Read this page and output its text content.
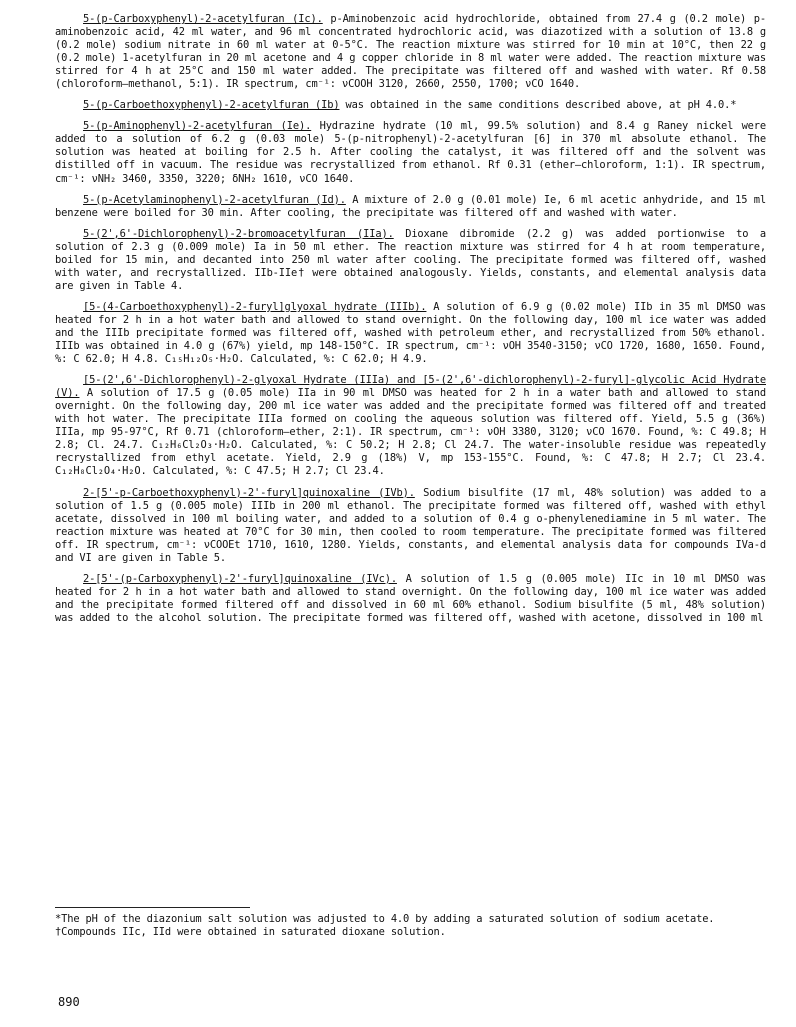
5-(p-Carboxyphenyl)-2-acetylfuran (Ic). p-Aminobenzoic acid hydrochloride, obtained from 27.4 g (0.2 mole) p-aminobenzoic acid, 42 ml water, and 96 ml concentrated hydrochloric acid, was diazotized with a solution of 13.8 g (0.2 mole) sodium nitrate in 60 ml water at 0-5°C. The reaction mixture was stirred for 10 min at 10°C, then 22 g (0.2 mole) 1-acetylfuran in 20 ml acetone and 4 g copper chloride in 8 ml water were added. The reaction mixture was stirred for 4 h at 25°C and 150 ml water added. The precipitate was filtered off and washed with water. Rf 0.58 (chloroform—methanol, 5:1). IR spectrum, cm⁻¹: νCOOH 3120, 2660, 2550, 1700; νCO 1640.

5-(p-Carboethoxyphenyl)-2-acetylfuran (Ib) was obtained in the same conditions described above, at pH 4.0.*

5-(p-Aminophenyl)-2-acetylfuran (Ie). Hydrazine hydrate (10 ml, 99.5% solution) and 8.4 g Raney nickel were added to a solution of 6.2 g (0.03 mole) 5-(p-nitrophenyl)-2-acetylfuran [6] in 370 ml absolute ethanol. The solution was heated at boiling for 2.5 h. After cooling the catalyst, it was filtered off and the solvent was distilled off in vacuum. The residue was recrystallized from ethanol. Rf 0.31 (ether—chloroform, 1:1). IR spectrum, cm⁻¹: νNH₂ 3460, 3350, 3220; δNH₂ 1610, νCO 1640.

5-(p-Acetylaminophenyl)-2-acetylfuran (Id). A mixture of 2.0 g (0.01 mole) Ie, 6 ml acetic anhydride, and 15 ml benzene were boiled for 30 min. After cooling, the precipitate was filtered off and washed with water.

5-(2',6'-Dichlorophenyl)-2-bromoacetylfuran (IIa). Dioxane dibromide (2.2 g) was added portionwise to a solution of 2.3 g (0.009 mole) Ia in 50 ml ether. The reaction mixture was stirred for 4 h at room temperature, boiled for 15 min, and decanted into 250 ml water after cooling. The precipitate formed was filtered off, washed with water, and recrystallized. IIb-IIe† were obtained analogously. Yields, constants, and elemental analysis data are given in Table 4.

[5-(4-Carboethoxyphenyl)-2-furyl]glyoxal hydrate (IIIb). A solution of 6.9 g (0.02 mole) IIb in 35 ml DMSO was heated for 2 h in a hot water bath and allowed to stand overnight. On the following day, 100 ml ice water was added and the IIIb precipitate formed was filtered off, washed with petroleum ether, and recrystallized from 50% ethanol. IIIb was obtained in 4.0 g (67%) yield, mp 148-150°C. IR spectrum, cm⁻¹: νOH 3540-3150; νCO 1720, 1680, 1650. Found, %: C 62.0; H 4.8. C₁₅H₁₂O₅·H₂O. Calculated, %: C 62.0; H 4.9.

[5-(2',6'-Dichlorophenyl)-2-glyoxal Hydrate (IIIa) and [5-(2',6'-dichlorophenyl)-2-furyl]-glycolic Acid Hydrate (V). A solution of 17.5 g (0.05 mole) IIa in 90 ml DMSO was heated for 2 h in a water bath and allowed to stand overnight. On the following day, 200 ml ice water was added and the precipitate formed was filtered off and treated with hot water. The precipitate IIIa formed on cooling the aqueous solution was filtered off. Yield, 5.5 g (36%) IIIa, mp 95-97°C, Rf 0.71 (chloroform—ether, 2:1). IR spectrum, cm⁻¹: νOH 3380, 3120; νCO 1670. Found, %: C 49.8; H 2.8; Cl. 24.7. C₁₂H₆Cl₂O₃·H₂O. Calculated, %: C 50.2; H 2.8; Cl 24.7. The water-insoluble residue was repeatedly recrystallized from ethyl acetate. Yield, 2.9 g (18%) V, mp 153-155°C. Found, %: C 47.8; H 2.7; Cl 23.4. C₁₂H₈Cl₂O₄·H₂O. Calculated, %: C 47.5; H 2.7; Cl 23.4.

2-[5'-p-Carboethoxyphenyl)-2'-furyl]quinoxaline (IVb). Sodium bisulfite (17 ml, 48% solution) was added to a solution of 1.5 g (0.005 mole) IIIb in 200 ml ethanol. The precipitate formed was filtered off, washed with ethyl acetate, dissolved in 100 ml boiling water, and added to a solution of 0.4 g o-phenylenediamine in 5 ml water. The reaction mixture was heated at 70°C for 30 min, then cooled to room temperature. The precipitate formed was filtered off. IR spectrum, cm⁻¹: νCOOEt 1710, 1610, 1280. Yields, constants, and elemental analysis data for compounds IVa-d and VI are given in Table 5.

2-[5'-(p-Carboxyphenyl)-2'-furyl]quinoxaline (IVc). A solution of 1.5 g (0.005 mole) IIc in 10 ml DMSO was heated for 2 h in a hot water bath and allowed to stand overnight. On the following day, 100 ml ice water was added and the precipitate formed filtered off and dissolved in 60 ml 60% ethanol. Sodium bisulfite (5 ml, 48% solution) was added to the alcohol solution. The precipitate formed was filtered off, washed with acetone, dissolved in 100 ml

*The pH of the diazonium salt solution was adjusted to 4.0 by adding a saturated solution of sodium acetate.

†Compounds IIc, IId were obtained in saturated dioxane solution.

890
